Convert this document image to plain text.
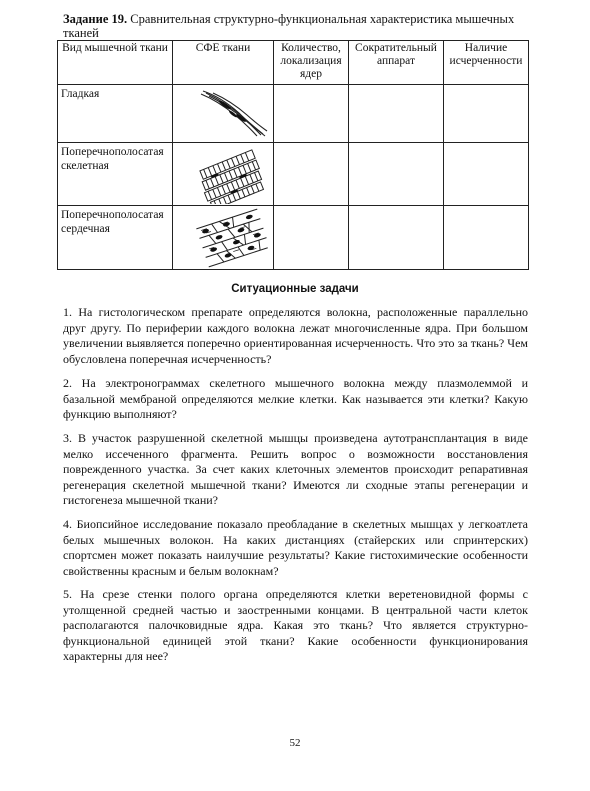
Задание 19. Сравнительная структурно-функциональная характеристика мышечных тканей
Вид мышечной ткани	СФЕ ткани	Количество, локализация ядер	Сократительный аппарат	Наличие исчерченности
Гладкая	

Поперечнополосатая скелетная	

Поперечнополосатая сердечная	

Ситуационные задачи

1. На гистологическом препарате определяются волокна, расположенные параллельно друг другу. По периферии каждого волокна лежат многочисленные ядра. При большом увеличении выявляется поперечно ориентированная исчерченность. Что это за ткань? Чем обусловлена поперечная исчерченность?

2. На электронограммах скелетного мышечного волокна между плазмолеммой и базальной мембраной определяются мелкие клетки. Как называется эти клетки? Какую функцию выполняют?

3. В участок разрушенной скелетной мышцы произведена аутотрансплантация в виде мелко иссеченного фрагмента. Решить вопрос о возможности восстановления поврежденного участка. За счет каких клеточных элементов происходит репаративная регенерация скелетной мышечной ткани? Имеются ли сходные этапы регенерации и гистогенеза мышечной ткани?

4. Биопсийное исследование показало преобладание в скелетных мышцах у легкоатлета белых мышечных волокон. На каких дистанциях (стайерских или спринтерских) спортсмен может показать наилучшие результаты? Какие гистохимические особенности свойственны красным и белым волокнам?

5. На срезе стенки полого органа определяются клетки веретеновидной формы с утолщенной средней частью и заостренными концами. В центральной части клеток располагаются палочковидные ядра. Какая это ткань? Что является структурно-функциональной единицей этой ткани? Какие особенности функционирования характерны для нее?

52
